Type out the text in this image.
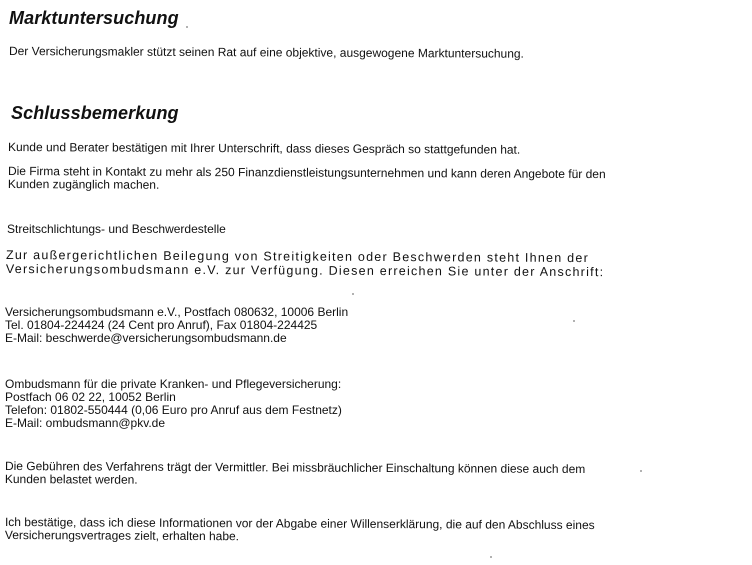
Marktuntersuchung
Der Versicherungsmakler stützt seinen Rat auf eine objektive, ausgewogene Marktuntersuchung.
Schlussbemerkung
Kunde und Berater bestätigen mit Ihrer Unterschrift, dass dieses Gespräch so stattgefunden hat.
Die Firma steht in Kontakt zu mehr als 250 Finanzdienstleistungsunternehmen und kann deren Angebote für den
Kunden zugänglich machen.
Streitschlichtungs- und Beschwerdestelle
Zur außergerichtlichen Beilegung von Streitigkeiten oder Beschwerden steht Ihnen der
Versicherungsombudsmann e.V. zur Verfügung. Diesen erreichen Sie unter der Anschrift:
Versicherungsombudsmann e.V., Postfach 080632, 10006 Berlin
Tel. 01804-224424 (24 Cent pro Anruf), Fax 01804-224425
E-Mail: beschwerde@versicherungsombudsmann.de
Ombudsmann für die private Kranken- und Pflegeversicherung:
Postfach 06 02 22, 10052 Berlin
Telefon: 01802-550444 (0,06 Euro pro Anruf aus dem Festnetz)
E-Mail: ombudsmann@pkv.de
Die Gebühren des Verfahrens trägt der Vermittler. Bei missbräuchlicher Einschaltung können diese auch dem
Kunden belastet werden.
Ich bestätige, dass ich diese Informationen vor der Abgabe einer Willenserklärung, die auf den Abschluss eines
Versicherungsvertrages zielt, erhalten habe.
